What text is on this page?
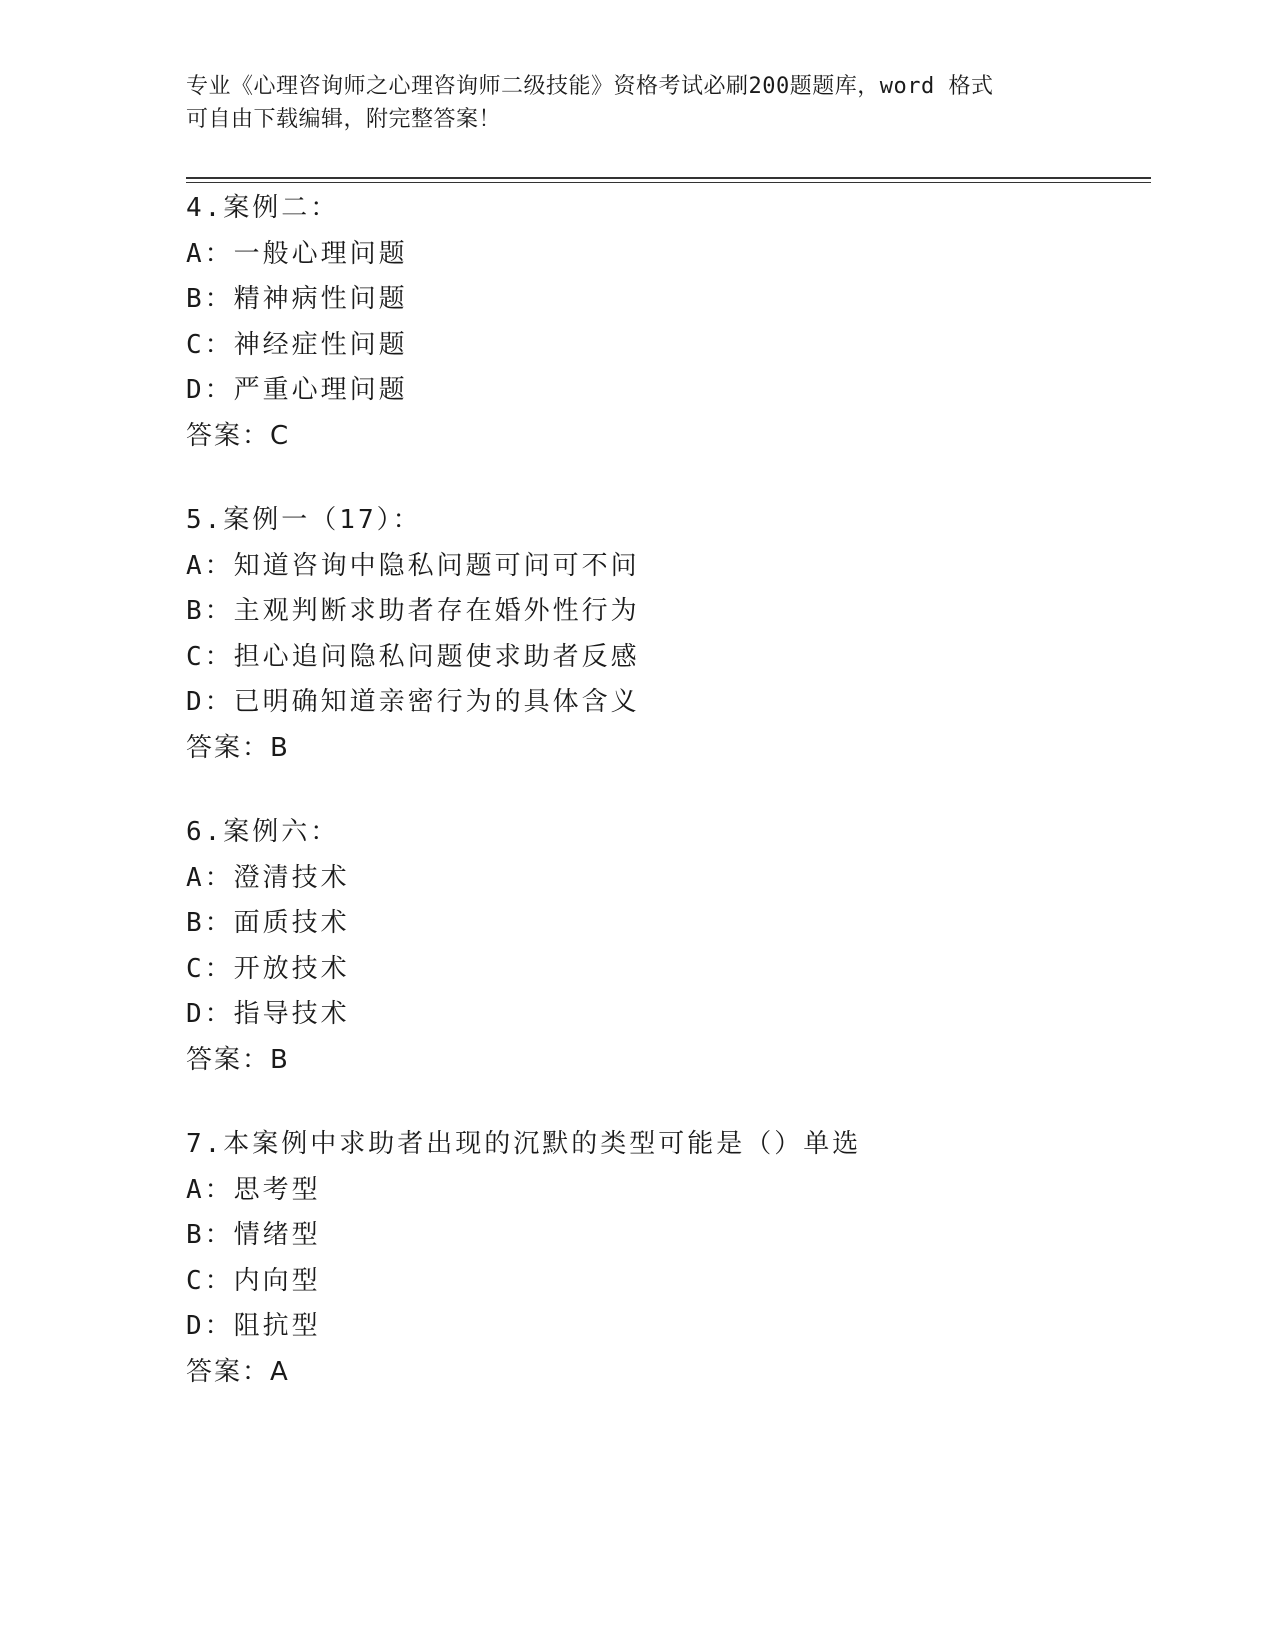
专业《心理咨询师之心理咨询师二级技能》资格考试必刷200题题库，word 格式
可自由下载编辑，附完整答案！
4.案例二：
A：一般心理问题
B：精神病性问题
C：神经症性问题
D：严重心理问题
答案：C
5.案例一（17）：
A：知道咨询中隐私问题可问可不问
B：主观判断求助者存在婚外性行为
C：担心追问隐私问题使求助者反感
D：已明确知道亲密行为的具体含义
答案：B
6.案例六：
A：澄清技术
B：面质技术
C：开放技术
D：指导技术
答案：B
7.本案例中求助者出现的沉默的类型可能是（）单选
A：思考型
B：情绪型
C：内向型
D：阻抗型
答案：A
